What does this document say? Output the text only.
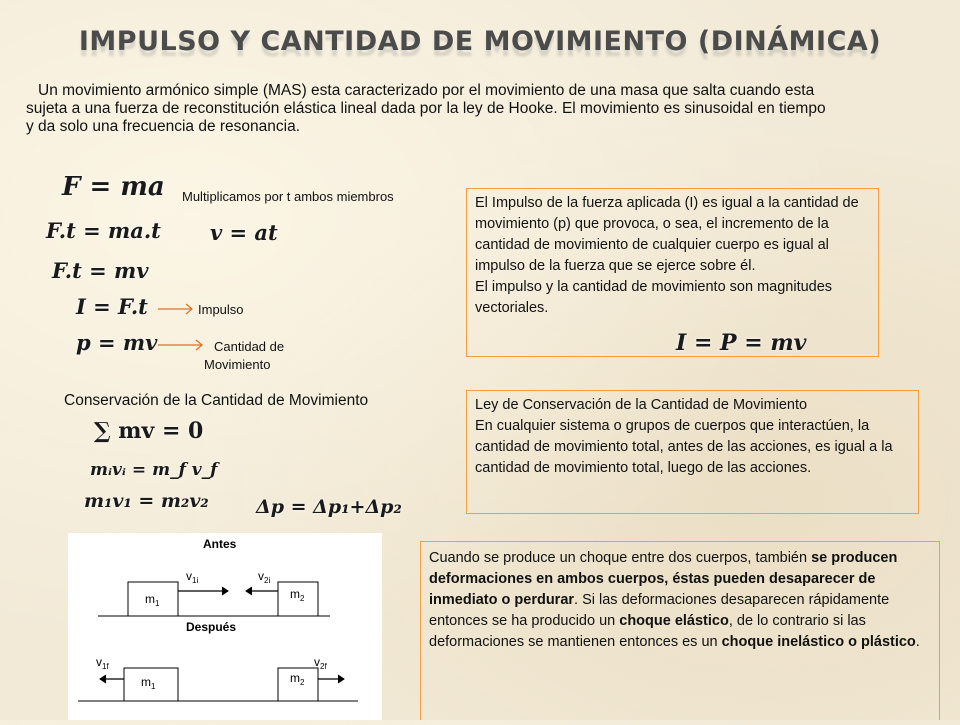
IMPULSO Y CANTIDAD DE MOVIMIENTO (DINÁMICA)
Un movimiento armónico simple (MAS) esta caracterizado por el movimiento de una masa que salta cuando esta sujeta a una fuerza de reconstitución elástica lineal dada por la ley de Hooke. El movimiento es sinusoidal en tiempo y da solo una frecuencia de resonancia.
F = ma Multiplicamos por t ambos miembros
F.t = ma.t v = at
F.t = mv
I = F.t	Impulso
p = mv	Cantidad de
Movimiento
El Impulso de la fuerza aplicada (I) es igual a la cantidad de movimiento (p) que provoca, o sea, el incremento de la cantidad de movimiento de cualquier cuerpo es igual al impulso de la fuerza que se ejerce sobre él.
El impulso y la cantidad de movimiento son magnitudes vectoriales.
I = P = mv
Conservación de la Cantidad de Movimiento
∑ mv = 0
mᵢvᵢ = m_f v_f
m₁v₁ = m₂v₂ Δp = Δp₁+Δp₂
Ley de Conservación de la Cantidad de Movimiento
En cualquier sistema o grupos de cuerpos que interactúen, la cantidad de movimiento total, antes de las acciones, es igual a la cantidad de movimiento total, luego de las acciones.
Antes
$m_1$
$m_2$
$v_{1i}$	$v_{2i}$
Después
$m_1$
$m_2$
$v_{1f}$	$v_{2f}$
Cuando se produce un choque entre dos cuerpos, también se producen deformaciones en ambos cuerpos, éstas pueden desaparecer de inmediato o perdurar. Si las deformaciones desaparecen rápidamente entonces se ha producido un choque elástico, de lo contrario si las deformaciones se mantienen entonces es un choque inelástico o plástico.
